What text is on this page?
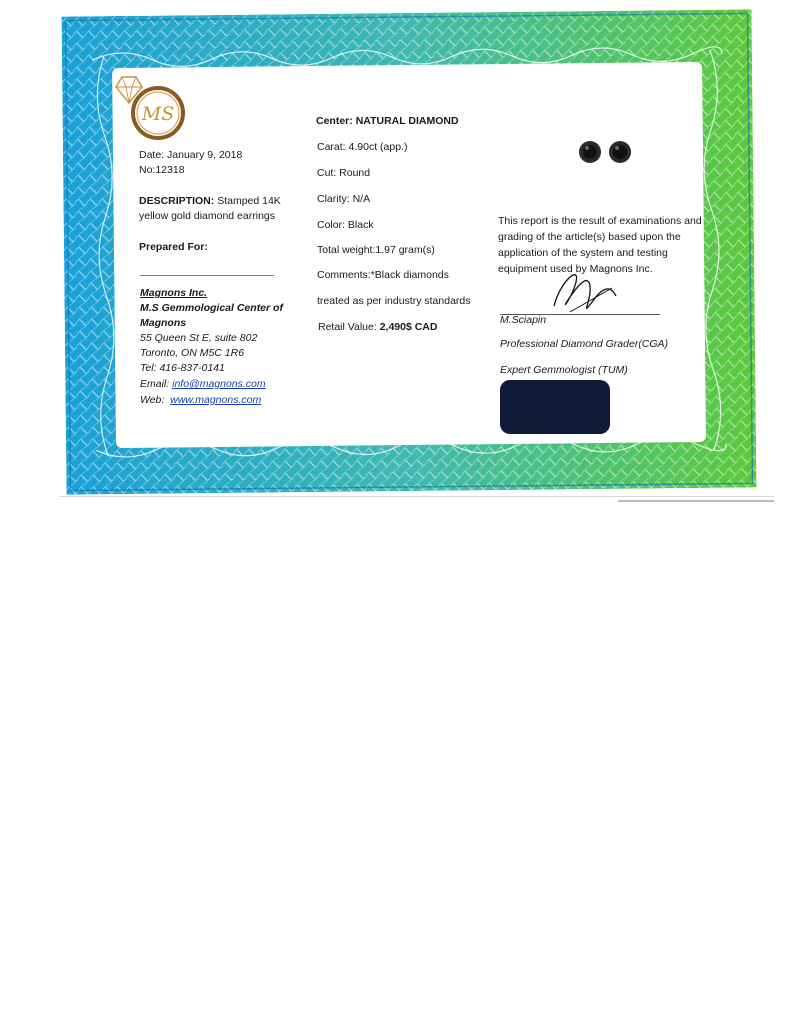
MS
Date: January 9, 2018
No:12318
DESCRIPTION: Stamped 14K
yellow gold diamond earrings
Prepared For:
Magnons Inc.
M.S Gemmological Center of
Magnons
55 Queen St E, suite 802
Toronto, ON M5C 1R6
Tel: 416-837-0141
Email: info@magnons.com
Web: www.magnons.com
Center: NATURAL DIAMOND
Carat: 4.90ct (app.)
Cut: Round
Clarity: N/A
Color: Black
Total weight:1.97 gram(s)
Comments:*Black diamonds
treated as per industry standards
Retail Value: 2,490$ CAD
This report is the result of examinations and
grading of the article(s) based upon the
application of the system and testing
equipment used by Magnons Inc.
M.Sciapin
Professional Diamond Grader(CGA)
Expert Gemmologist (TUM)
